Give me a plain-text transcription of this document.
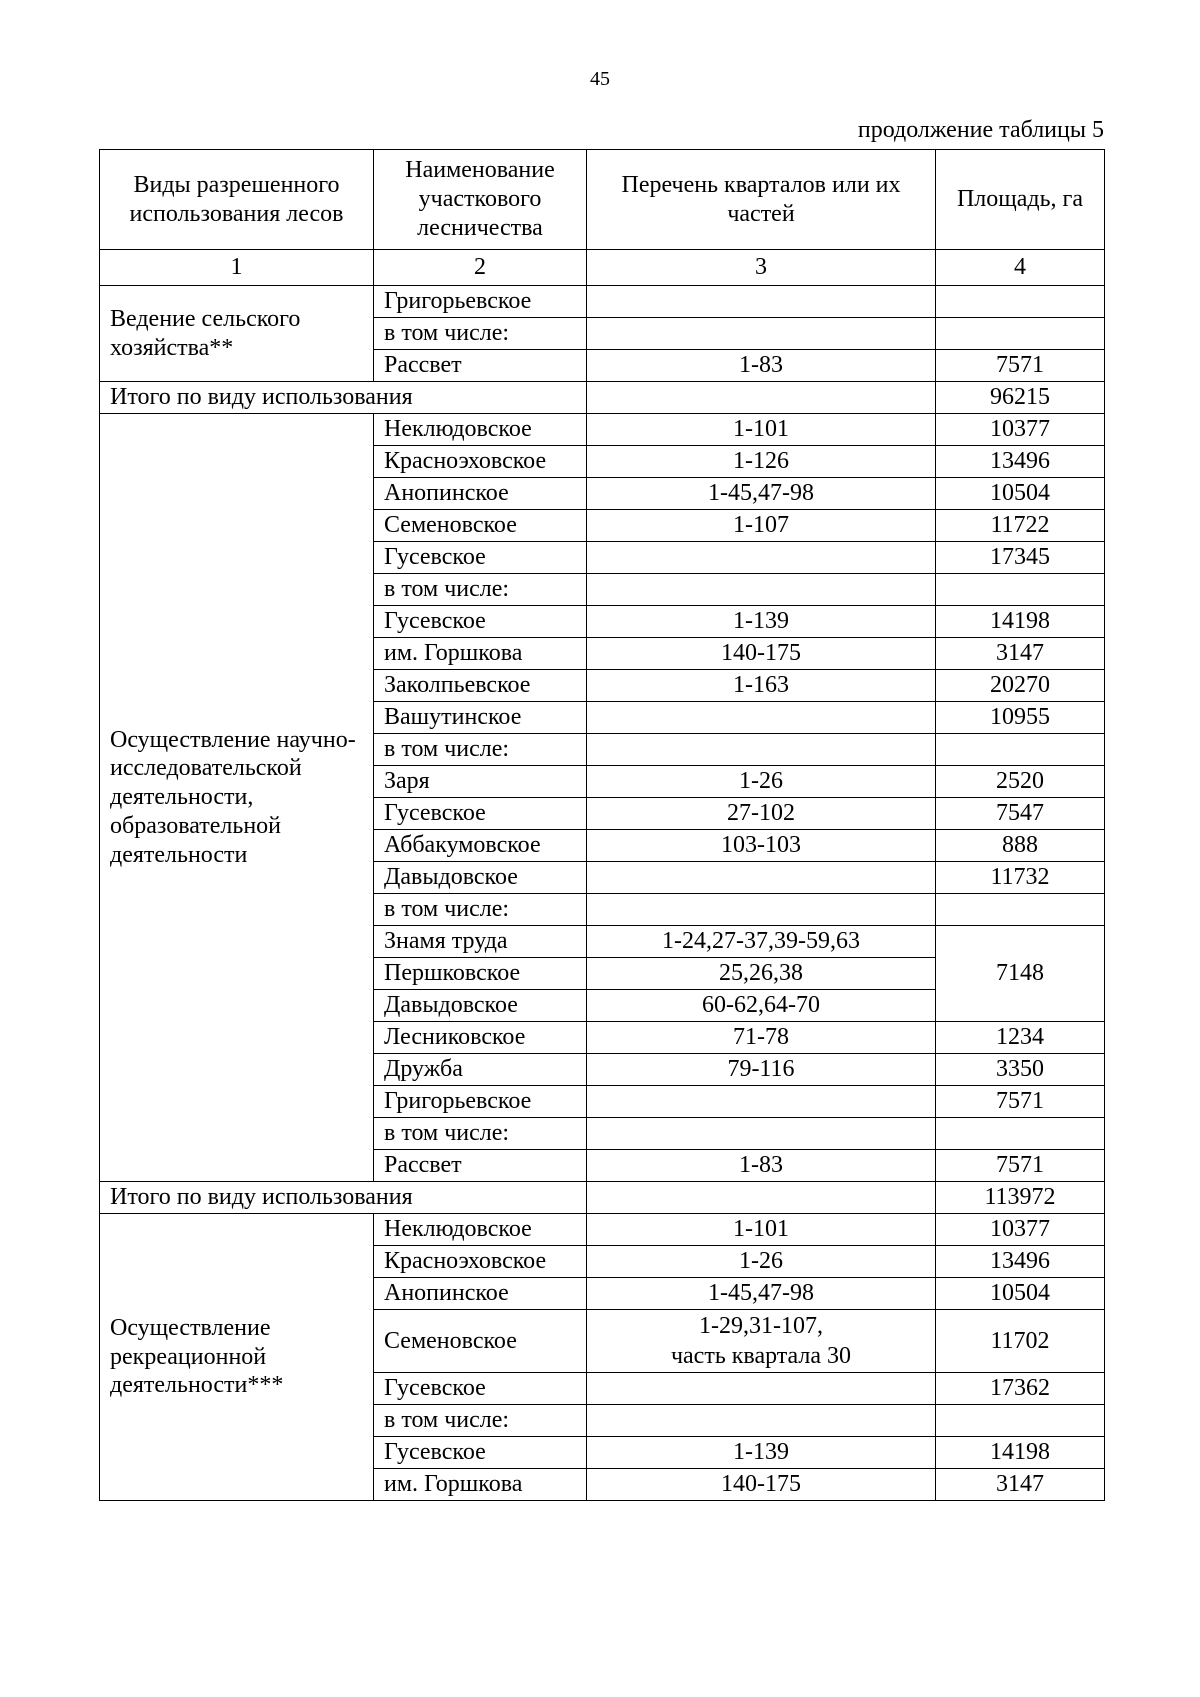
45
продолжение таблицы 5
Виды разрешенного использования лесов	Наименование участкового лесничества	Перечень кварталов или их частей	Площадь, га
1	2	3	4
Ведение сельского хозяйства**	Григорьевское		
	в том числе:		
	Рассвет	1-83	7571
Итого по виду использования			96215
Осуществление научно-исследовательской деятельности, образовательной деятельности	Неклюдовское	1-101	10377
	Красноэховское	1-126	13496
	Анопинское	1-45,47-98	10504
	Семеновское	1-107	11722
	Гусевское		17345
	в том числе:		
	Гусевское	1-139	14198
	им. Горшкова	140-175	3147
	Заколпьевское	1-163	20270
	Вашутинское		10955
	в том числе:		
	Заря	1-26	2520
	Гусевское	27-102	7547
	Аббакумовское	103-103	888
	Давыдовское		11732
	в том числе:		
	Знамя труда	1-24,27-37,39-59,63	7148
	Першковское	25,26,38	
	Давыдовское	60-62,64-70	
	Лесниковское	71-78	1234
	Дружба	79-116	3350
	Григорьевское		7571
	в том числе:		
	Рассвет	1-83	7571
Итого по виду использования			113972
Осуществление рекреационной деятельности***	Неклюдовское	1-101	10377
	Красноэховское	1-26	13496
	Анопинское	1-45,47-98	10504
	Семеновское	1-29,31-107,
часть квартала 30	11702
	Гусевское		17362
	в том числе:		
	Гусевское	1-139	14198
	им. Горшкова	140-175	3147
